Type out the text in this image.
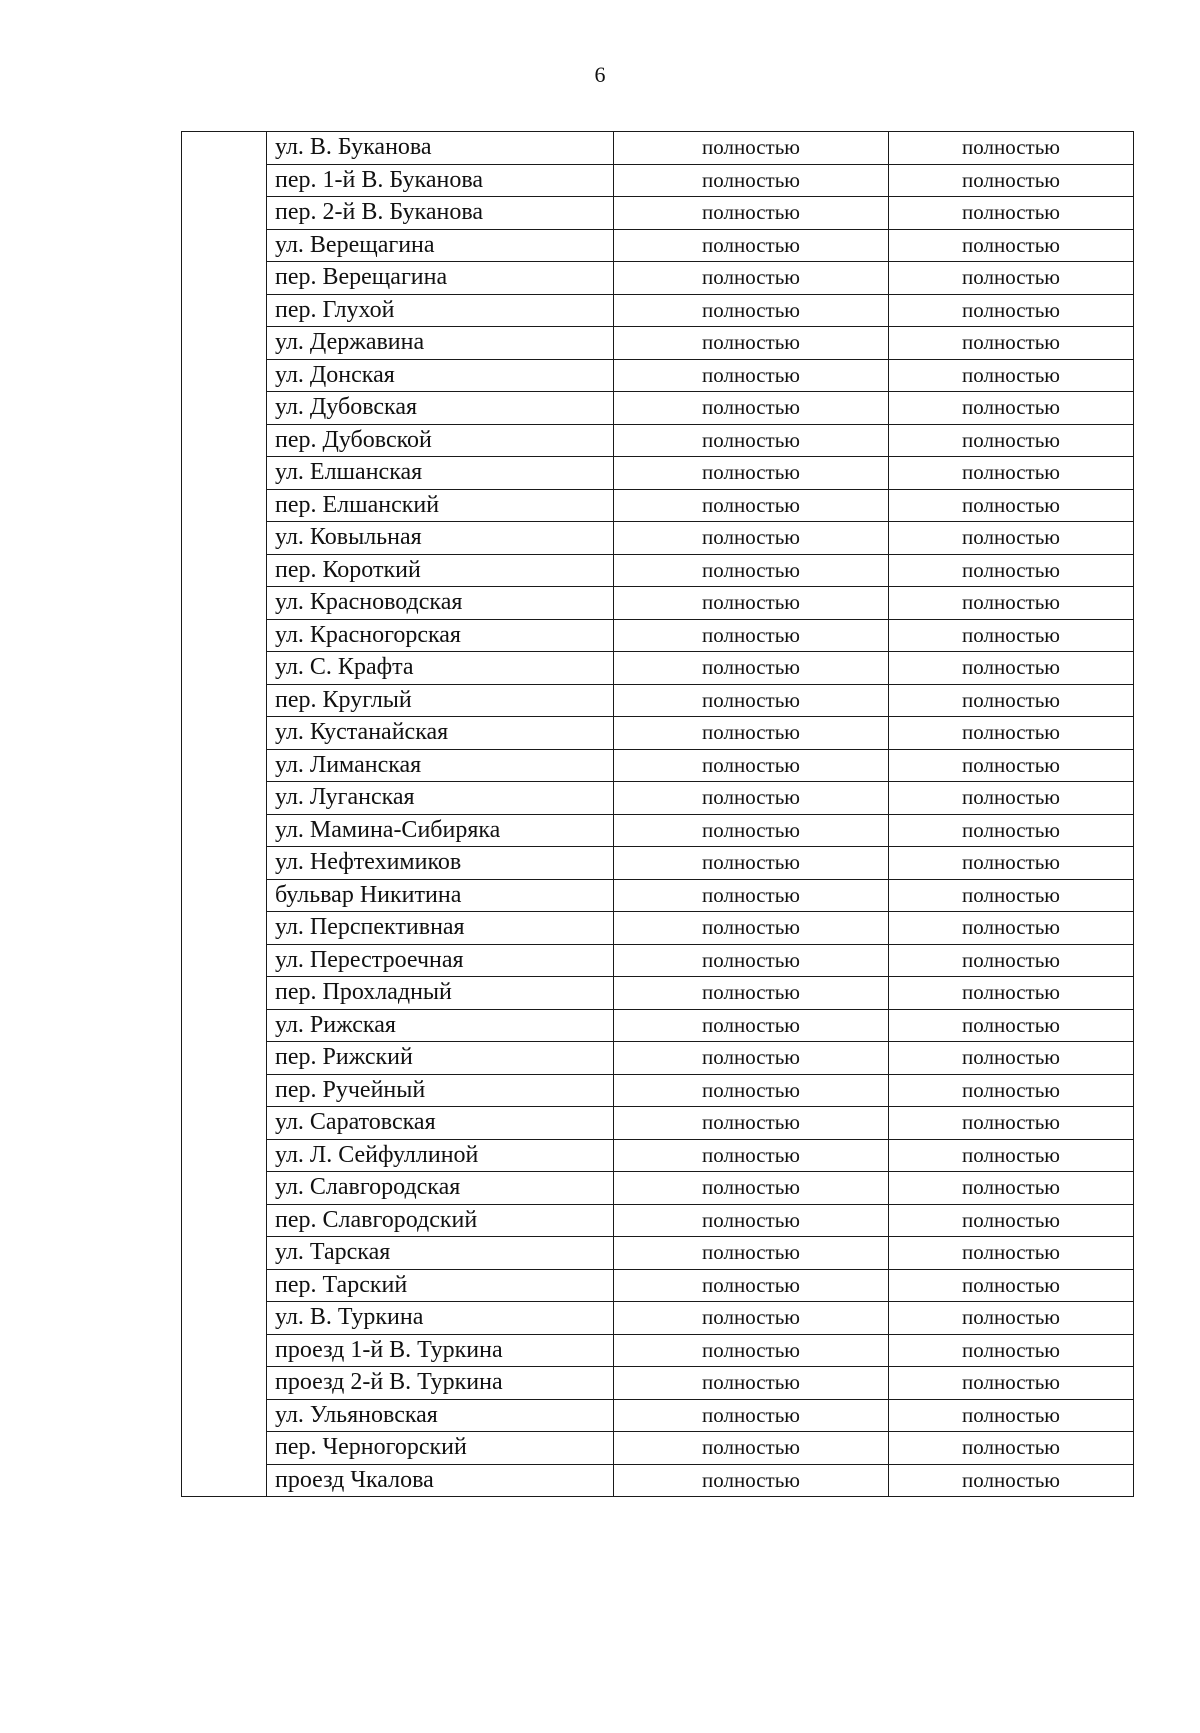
6
	ул. В. Буканова	полностью	полностью
	пер. 1-й В. Буканова	полностью	полностью
	пер. 2-й В. Буканова	полностью	полностью
	ул. Верещагина	полностью	полностью
	пер. Верещагина	полностью	полностью
	пер. Глухой	полностью	полностью
	ул. Державина	полностью	полностью
	ул. Донская	полностью	полностью
	ул. Дубовская	полностью	полностью
	пер. Дубовской	полностью	полностью
	ул. Елшанская	полностью	полностью
	пер. Елшанский	полностью	полностью
	ул. Ковыльная	полностью	полностью
	пер. Короткий	полностью	полностью
	ул. Красноводская	полностью	полностью
	ул. Красногорская	полностью	полностью
	ул. С. Крафта	полностью	полностью
	пер. Круглый	полностью	полностью
	ул. Кустанайская	полностью	полностью
	ул. Лиманская	полностью	полностью
	ул. Луганская	полностью	полностью
	ул. Мамина-Сибиряка	полностью	полностью
	ул. Нефтехимиков	полностью	полностью
	бульвар Никитина	полностью	полностью
	ул. Перспективная	полностью	полностью
	ул. Перестроечная	полностью	полностью
	пер. Прохладный	полностью	полностью
	ул. Рижская	полностью	полностью
	пер. Рижский	полностью	полностью
	пер. Ручейный	полностью	полностью
	ул. Саратовская	полностью	полностью
	ул. Л. Сейфуллиной	полностью	полностью
	ул. Славгородская	полностью	полностью
	пер. Славгородский	полностью	полностью
	ул. Тарская	полностью	полностью
	пер. Тарский	полностью	полностью
	ул. В. Туркина	полностью	полностью
	проезд 1-й В. Туркина	полностью	полностью
	проезд 2-й В. Туркина	полностью	полностью
	ул. Ульяновская	полностью	полностью
	пер. Черногорский	полностью	полностью
	проезд Чкалова	полностью	полностью
